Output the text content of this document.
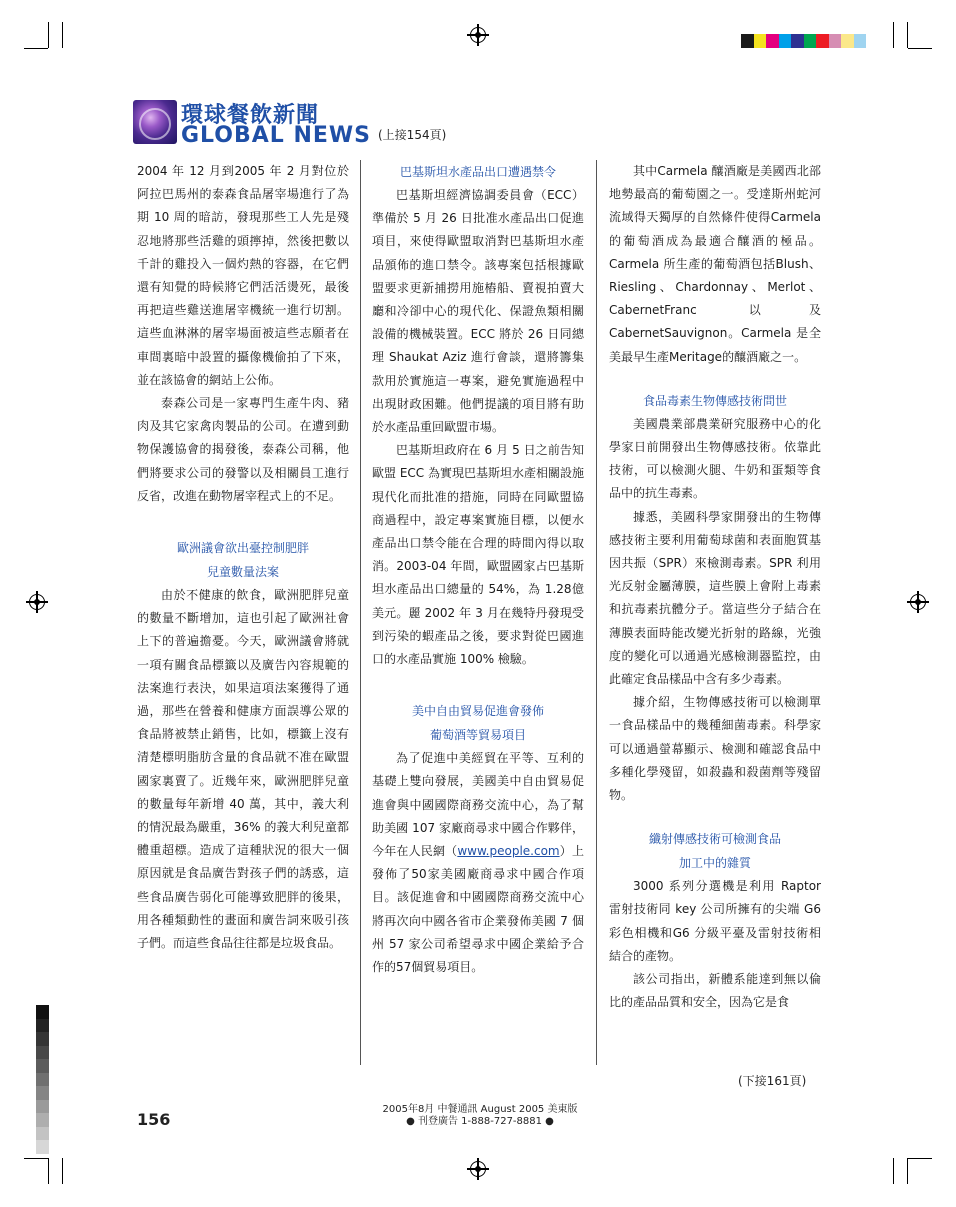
環球餐飲新聞
GLOBAL NEWS (上接154頁)

2004 年 12 月到2005 年 2 月對位於阿拉巴馬州的泰森食品屠宰場進行了為期 10 周的暗訪，發現那些工人先是殘忍地將那些活雞的頭擰掉，然後把數以千計的雞投入一個灼熱的容器，在它們還有知覺的時候將它們活活燙死，最後再把這些雞送進屠宰機統一進行切割。這些血淋淋的屠宰場面被這些志願者在車間裏暗中設置的攝像機偷拍了下來，並在該協會的網站上公佈。

泰森公司是一家專門生產牛肉、豬肉及其它家禽肉製品的公司。在遭到動物保護協會的揭發後，泰森公司稱，他們將要求公司的發警以及相關員工進行反省，改進在動物屠宰程式上的不足。

歐洲議會欲出臺控制肥胖
兒童數量法案

由於不健康的飲食，歐洲肥胖兒童的數量不斷增加，這也引起了歐洲社會上下的普遍擔憂。今天，歐洲議會將就一項有關食品標籤以及廣告內容規範的法案進行表決，如果這項法案獲得了通過，那些在營養和健康方面誤導公眾的食品將被禁止銷售，比如，標籤上沒有清楚標明脂肪含量的食品就不准在歐盟國家裏賣了。近幾年來，歐洲肥胖兒童的數量每年新增 40 萬，其中，義大利的情況最為嚴重，36% 的義大利兒童都體重超標。造成了這種狀況的很大一個原因就是食品廣告對孩子們的誘惑，這些食品廣告弱化可能導致肥胖的後果，用各種類動性的畫面和廣告詞來吸引孩子們。而這些食品往往都是垃圾食品。

巴基斯坦水產品出口遭遇禁令

巴基斯坦經濟協調委員會（ECC）準備於 5 月 26 日批准水產品出口促進項目，來使得歐盟取消對巴基斯坦水產品頒佈的進口禁令。該專案包括根據歐盟要求更新捕撈用施樁船、賣視拍賣大廳和冷卻中心的現代化、保證魚類相關設備的機械裝置。ECC 將於 26 日同總理 Shaukat Aziz 進行會談，還將籌集款用於實施這一專案，避免實施過程中出現財政困難。他們提議的項目將有助於水產品重回歐盟市場。

巴基斯坦政府在 6 月 5 日之前告知歐盟 ECC 為實現巴基斯坦水產相關設施現代化而批准的措施，同時在同歐盟協商過程中，設定專案實施目標，以便水產品出口禁令能在合理的時間內得以取消。2003-04 年間，歐盟國家占巴基斯坦水產品出口總量的 54%，為 1.28億美元。麗 2002 年 3 月在幾特丹發現受到污染的蝦產品之後，要求對從巴國進口的水產品實施 100% 檢驗。

美中自由貿易促進會發佈
葡萄酒等貿易項目

為了促進中美經貿在平等、互利的基礎上雙向發展，美國美中自由貿易促進會與中國國際商務交流中心，為了幫助美國 107 家廠商尋求中國合作夥伴，今年在人民網（www.people.com）上發佈了50家美國廠商尋求中國合作項目。該促進會和中國國際商務交流中心將再次向中國各省市企業發佈美國 7 個州 57 家公司希望尋求中國企業給予合作的57個貿易項目。

其中Carmela 釀酒廠是美國西北部地勢最高的葡萄園之一。受達斯州蛇河流域得天獨厚的自然條件使得Carmela 的葡萄酒成為最適合釀酒的極品。Carmela 所生產的葡萄酒包括Blush、Riesling、Chardonnay、Merlot、CabernetFranc 以及CabernetSauvignon。Carmela 是全美最早生產Meritage的釀酒廠之一。

食品毒素生物傳感技術問世

美國農業部農業研究服務中心的化學家日前開發出生物傳感技術。依靠此技術，可以檢測火腿、牛奶和蛋類等食品中的抗生毒素。

據悉，美國科學家開發出的生物傳感技術主要利用葡萄球菌和表面胞質基因共振（SPR）來檢測毒素。SPR 利用光反射金屬薄膜，這些膜上會附上毒素和抗毒素抗體分子。當這些分子結合在薄膜表面時能改變光折射的路線，光強度的變化可以通過光感檢測器監控，由此確定食品樣品中含有多少毒素。

據介紹，生物傳感技術可以檢測單一食品樣品中的幾種細菌毒素。科學家可以通過螢幕顯示、檢測和確認食品中多種化學殘留，如殺蟲和殺菌劑等殘留物。

纖射傳感技術可檢測食品
加工中的雜質

3000 系列分選機是利用 Raptor 雷射技術同 key 公司所擁有的尖端 G6 彩色相機和G6 分級平臺及雷射技術相結合的產物。

該公司指出，新體系能達到無以倫比的產品品質和安全，因為它是食

(下接161頁)
156
2005年8月 中餐通訊 August 2005 美東版
● 刊登廣告 1-888-727-8881 ●
